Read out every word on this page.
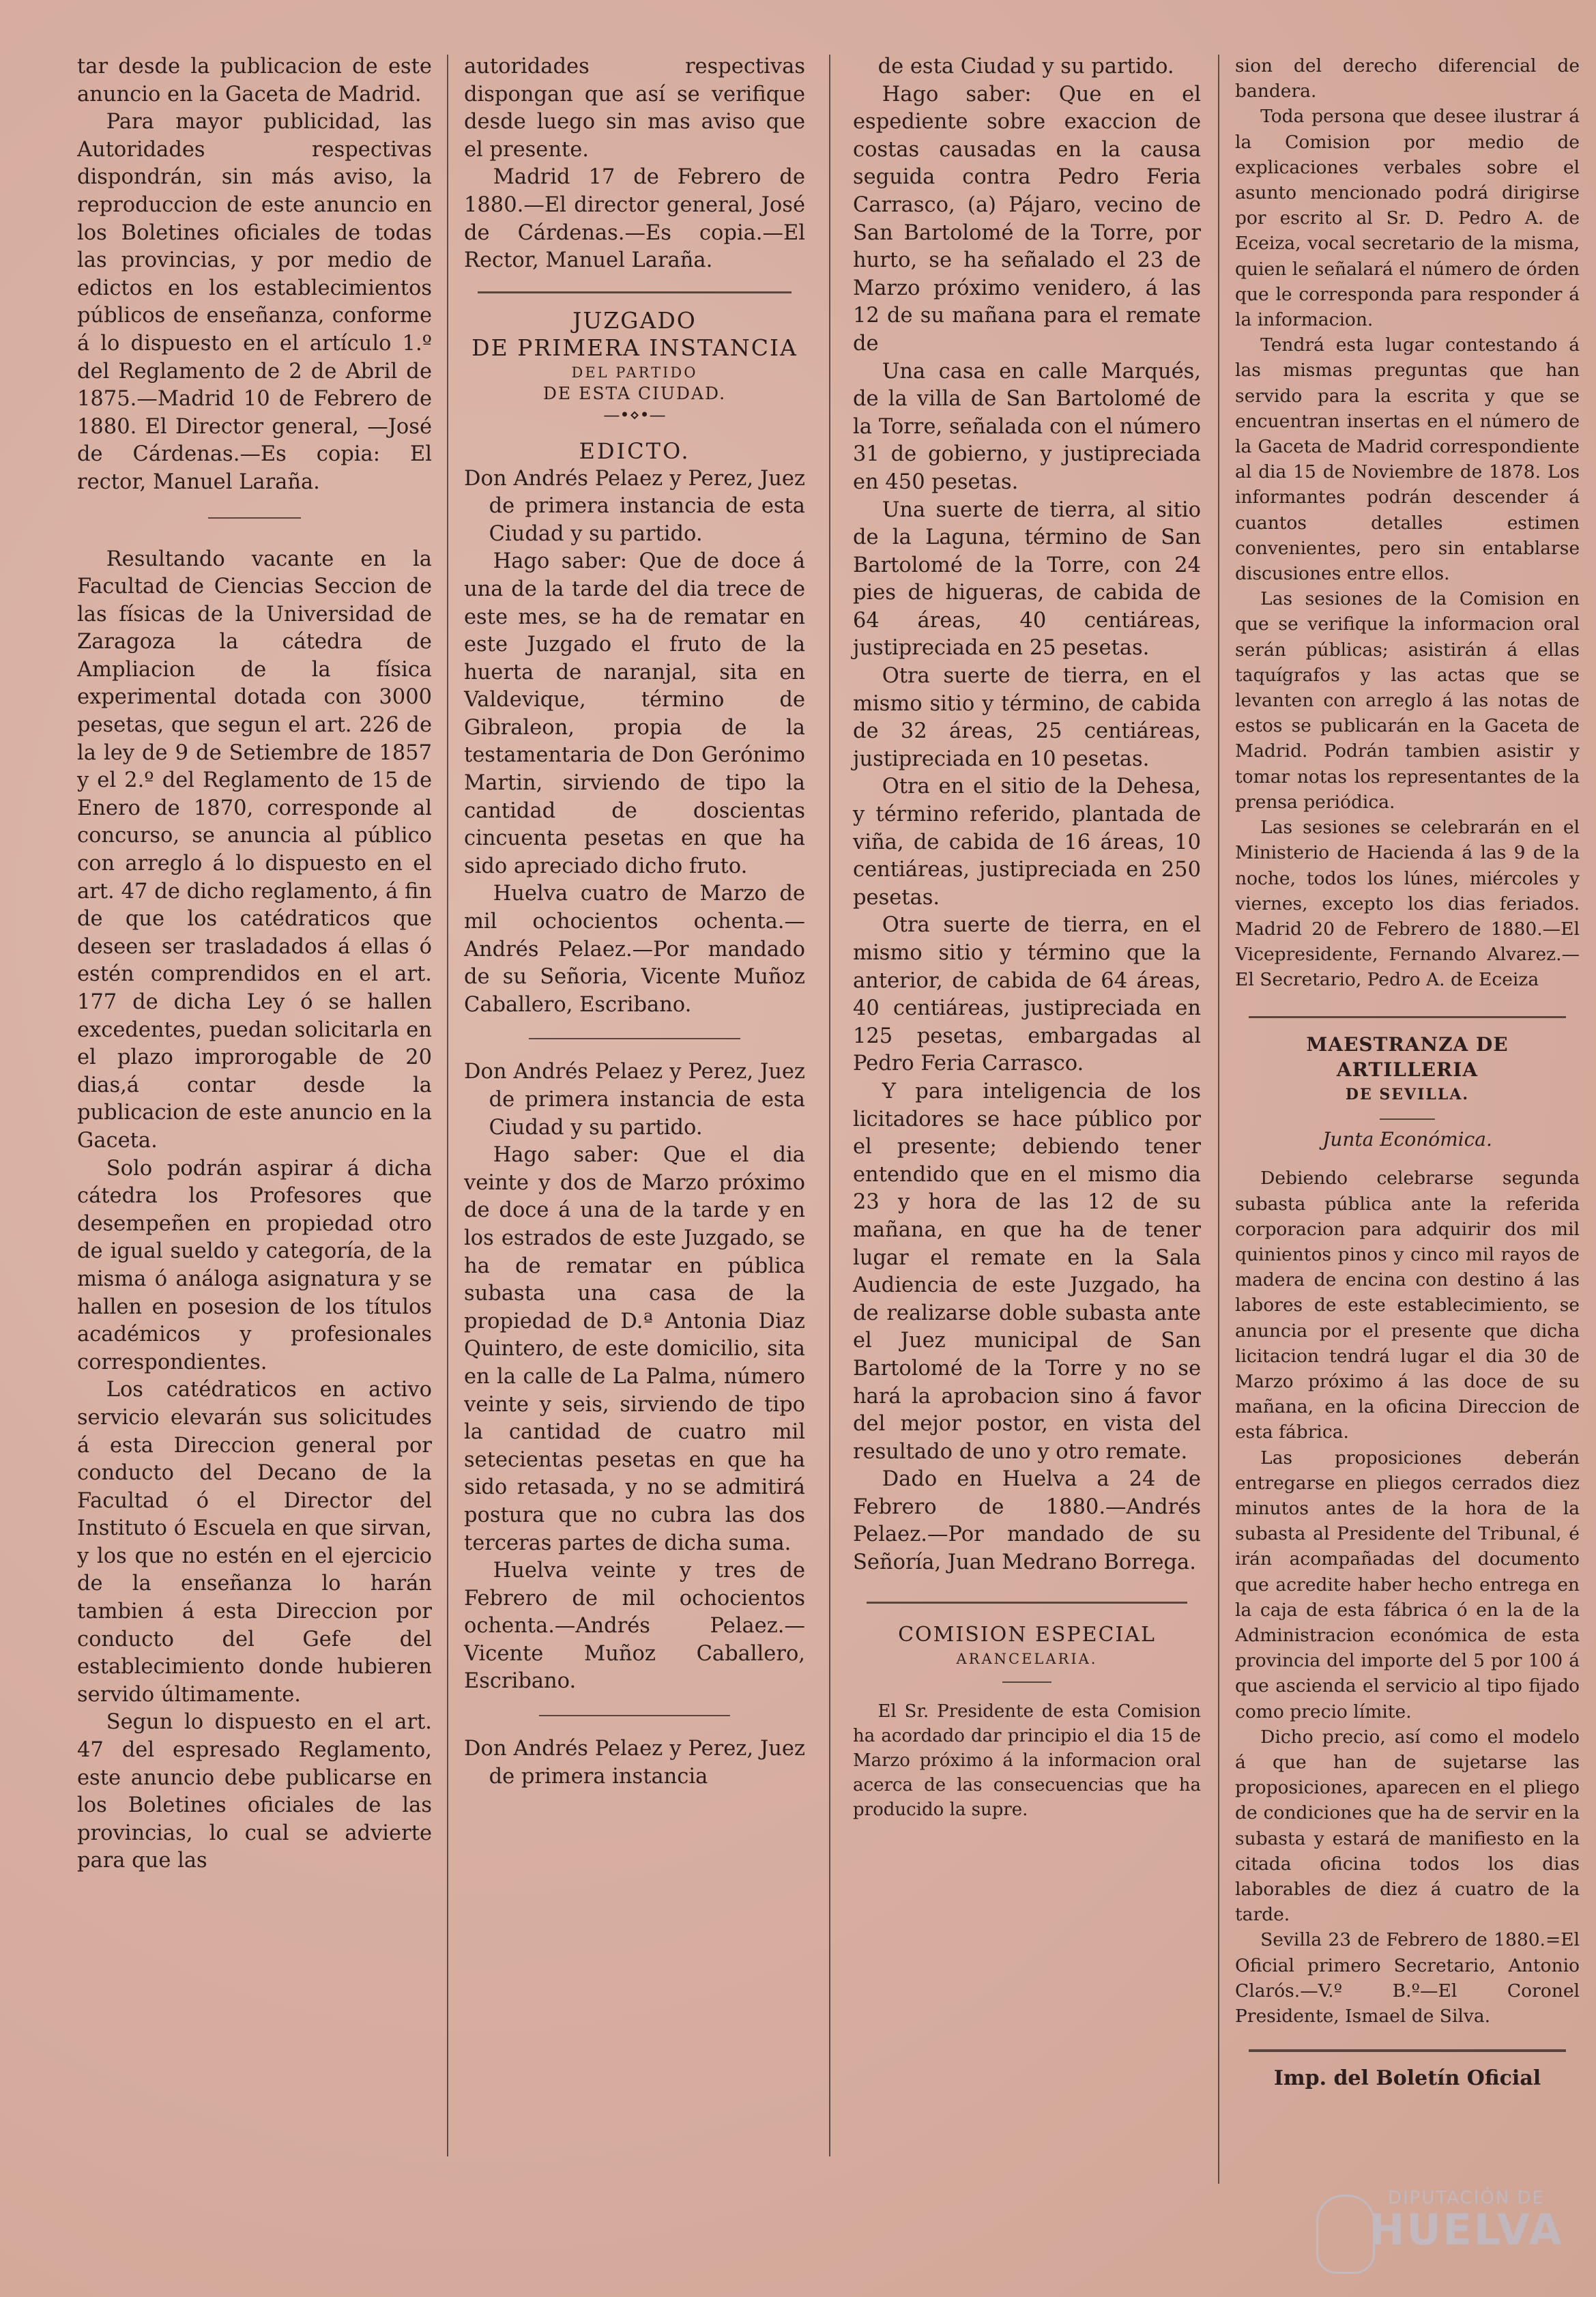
tar desde la publicacion de este anuncio en la Gaceta de Madrid.

Para mayor publicidad, las Autoridades respectivas dispondrán, sin más aviso, la reproduccion de este anuncio en los Boletines oficiales de todas las provincias, y por medio de edictos en los establecimientos públicos de enseñanza, conforme á lo dispuesto en el artículo 1.º del Reglamento de 2 de Abril de 1875.—Madrid 10 de Febrero de 1880. El Director general, —José de Cárdenas.—Es copia: El rector, Manuel Laraña.

Resultando vacante en la Facultad de Ciencias Seccion de las físicas de la Universidad de Zaragoza la cátedra de Ampliacion de la física experimental dotada con 3000 pesetas, que segun el art. 226 de la ley de 9 de Setiembre de 1857 y el 2.º del Reglamento de 15 de Enero de 1870, corresponde al concurso, se anuncia al público con arreglo á lo dispuesto en el art. 47 de dicho reglamento, á fin de que los catédraticos que deseen ser trasladados á ellas ó estén comprendidos en el art. 177 de dicha Ley ó se hallen excedentes, puedan solicitarla en el plazo improrogable de 20 dias,á contar desde la publicacion de este anuncio en la Gaceta.

Solo podrán aspirar á dicha cátedra los Profesores que desempeñen en propiedad otro de igual sueldo y categoría, de la misma ó análoga asignatura y se hallen en posesion de los títulos académicos y profesionales correspondientes.

Los catédraticos en activo servicio elevarán sus solicitudes á esta Direccion general por conducto del Decano de la Facultad ó el Director del Instituto ó Escuela en que sirvan, y los que no estén en el ejercicio de la enseñanza lo harán tambien á esta Direccion por conducto del Gefe del establecimiento donde hubieren servido últimamente.

Segun lo dispuesto en el art. 47 del espresado Reglamento, este anuncio debe publicarse en los Boletines oficiales de las provincias, lo cual se advierte para que las

autoridades respectivas dispongan que así se verifique desde luego sin mas aviso que el presente.

Madrid 17 de Febrero de 1880.—El director general, José de Cárdenas.—Es copia.—El Rector, Manuel Laraña.

JUZGADO

DE PRIMERA INSTANCIA

DEL PARTIDO

DE ESTA CIUDAD.

—•⋄•—

EDICTO.

Don Andrés Pelaez y Perez, Juez de primera instancia de esta Ciudad y su partido.

Hago saber: Que de doce á una de la tarde del dia trece de este mes, se ha de rematar en este Juzgado el fruto de la huerta de naranjal, sita en Valdevique, término de Gibraleon, propia de la testamentaria de Don Gerónimo Martin, sirviendo de tipo la cantidad de doscientas cincuenta pesetas en que ha sido apreciado dicho fruto.

Huelva cuatro de Marzo de mil ochocientos ochenta.—Andrés Pelaez.—Por mandado de su Señoria, Vicente Muñoz Caballero, Escribano.

Don Andrés Pelaez y Perez, Juez de primera instancia de esta Ciudad y su partido.

Hago saber: Que el dia veinte y dos de Marzo próximo de doce á una de la tarde y en los estrados de este Juzgado, se ha de rematar en pública subasta una casa de la propiedad de D.ª Antonia Diaz Quintero, de este domicilio, sita en la calle de La Palma, número veinte y seis, sirviendo de tipo la cantidad de cuatro mil setecientas pesetas en que ha sido retasada, y no se admitirá postura que no cubra las dos terceras partes de dicha suma.

Huelva veinte y tres de Febrero de mil ochocientos ochenta.—Andrés Pelaez.—Vicente Muñoz Caballero, Escribano.

Don Andrés Pelaez y Perez, Juez de primera instancia

de esta Ciudad y su partido.

Hago saber: Que en el espediente sobre exaccion de costas causadas en la causa seguida contra Pedro Feria Carrasco, (a) Pájaro, vecino de San Bartolomé de la Torre, por hurto, se ha señalado el 23 de Marzo próximo venidero, á las 12 de su mañana para el remate de

Una casa en calle Marqués, de la villa de San Bartolomé de la Torre, señalada con el número 31 de gobierno, y justipreciada en 450 pesetas.

Una suerte de tierra, al sitio de la Laguna, término de San Bartolomé de la Torre, con 24 pies de higueras, de cabida de 64 áreas, 40 centiáreas, justipreciada en 25 pesetas.

Otra suerte de tierra, en el mismo sitio y término, de cabida de 32 áreas, 25 centiáreas, justipreciada en 10 pesetas.

Otra en el sitio de la Dehesa, y término referido, plantada de viña, de cabida de 16 áreas, 10 centiáreas, justipreciada en 250 pesetas.

Otra suerte de tierra, en el mismo sitio y término que la anterior, de cabida de 64 áreas, 40 centiáreas, justipreciada en 125 pesetas, embargadas al Pedro Feria Carrasco.

Y para inteligencia de los licitadores se hace público por el presente; debiendo tener entendido que en el mismo dia 23 y hora de las 12 de su mañana, en que ha de tener lugar el remate en la Sala Audiencia de este Juzgado, ha de realizarse doble subasta ante el Juez municipal de San Bartolomé de la Torre y no se hará la aprobacion sino á favor del mejor postor, en vista del resultado de uno y otro remate.

Dado en Huelva a 24 de Febrero de 1880.—Andrés Pelaez.—Por mandado de su Señoría, Juan Medrano Borrega.

COMISION ESPECIAL

ARANCELARIA.

El Sr. Presidente de esta Comision ha acordado dar principio el dia 15 de Marzo próximo á la informacion oral acerca de las consecuencias que ha producido la supre.

sion del derecho diferencial de bandera.

Toda persona que desee ilustrar á la Comision por medio de explicaciones verbales sobre el asunto mencionado podrá dirigirse por escrito al Sr. D. Pedro A. de Eceiza, vocal secretario de la misma, quien le señalará el número de órden que le corresponda para responder á la informacion.

Tendrá esta lugar contestando á las mismas preguntas que han servido para la escrita y que se encuentran insertas en el número de la Gaceta de Madrid correspondiente al dia 15 de Noviembre de 1878. Los informantes podrán descender á cuantos detalles estimen convenientes, pero sin entablarse discusiones entre ellos.

Las sesiones de la Comision en que se verifique la informacion oral serán públicas; asistirán á ellas taquígrafos y las actas que se levanten con arreglo á las notas de estos se publicarán en la Gaceta de Madrid. Podrán tambien asistir y tomar notas los representantes de la prensa periódica.

Las sesiones se celebrarán en el Ministerio de Hacienda á las 9 de la noche, todos los lúnes, miércoles y viernes, excepto los dias feriados. Madrid 20 de Febrero de 1880.—El Vicepresidente, Fernando Alvarez.—El Secretario, Pedro A. de Eceiza

MAESTRANZA DE ARTILLERIA

DE SEVILLA.

Junta Económica.

Debiendo celebrarse segunda subasta pública ante la referida corporacion para adquirir dos mil quinientos pinos y cinco mil rayos de madera de encina con destino á las labores de este establecimiento, se anuncia por el presente que dicha licitacion tendrá lugar el dia 30 de Marzo próximo á las doce de su mañana, en la oficina Direccion de esta fábrica.

Las proposiciones deberán entregarse en pliegos cerrados diez minutos antes de la hora de la subasta al Presidente del Tribunal, é irán acompañadas del documento que acredite haber hecho entrega en la caja de esta fábrica ó en la de la Administracion económica de esta provincia del importe del 5 por 100 á que ascienda el servicio al tipo fijado como precio límite.

Dicho precio, así como el modelo á que han de sujetarse las proposiciones, aparecen en el pliego de condiciones que ha de servir en la subasta y estará de manifiesto en la citada oficina todos los dias laborables de diez á cuatro de la tarde.

Sevilla 23 de Febrero de 1880.=El Oficial primero Secretario, Antonio Clarós.—V.º B.º—El Coronel Presidente, Ismael de Silva.

Imp. del Boletín Oficial

DIPUTACIÓN DE
HUELVA
